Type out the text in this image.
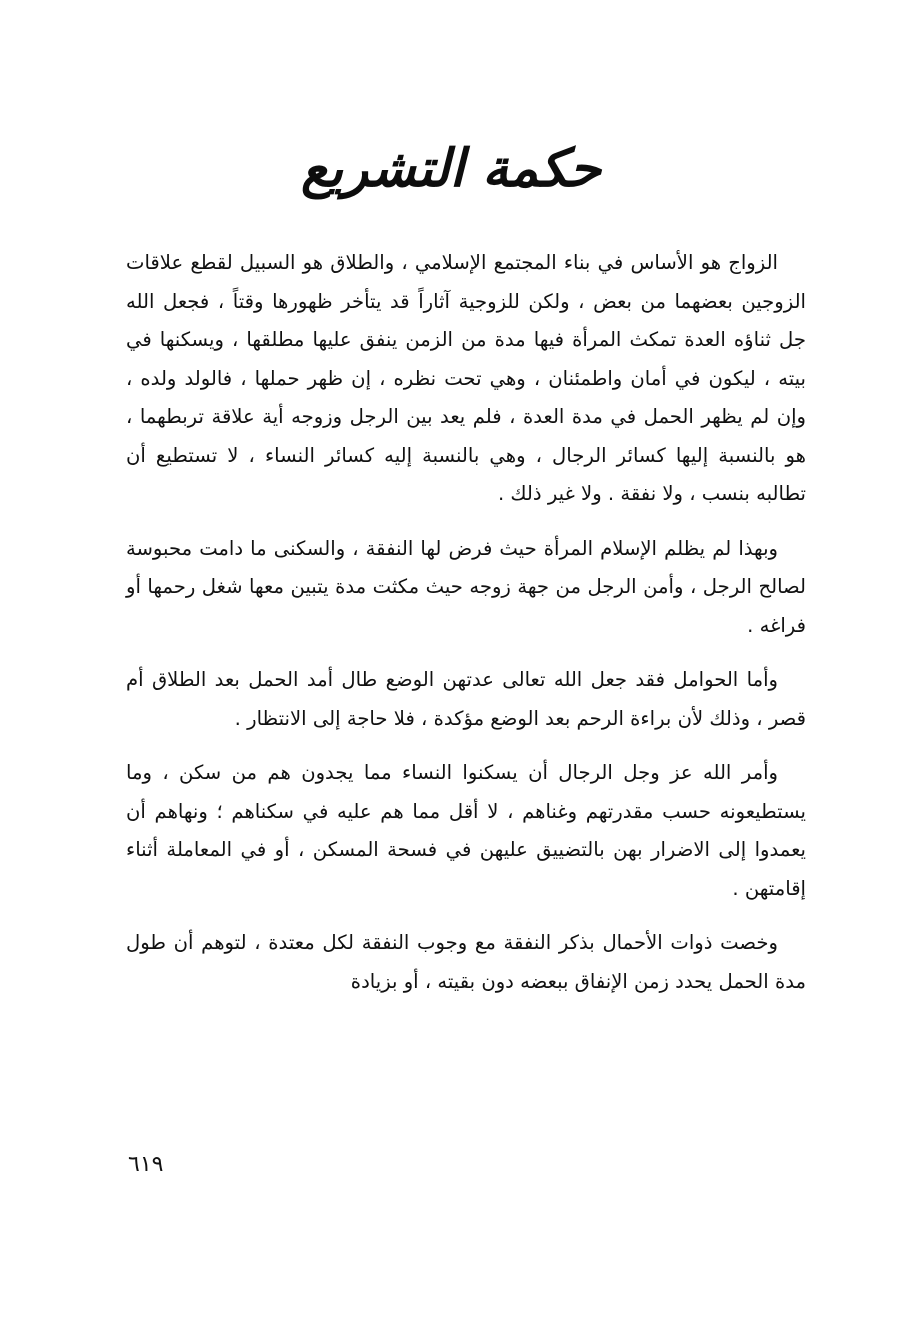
حكمة التشريع

الزواج هو الأساس في بناء المجتمع الإسلامي ، والطلاق هو السبيل لقطع علاقات الزوجين بعضهما من بعض ، ولكن للزوجية آثاراً قد يتأخر ظهورها وقتاً ، فجعل الله جل ثناؤه العدة تمكث المرأة فيها مدة من الزمن ينفق عليها مطلقها ، ويسكنها في بيته ، ليكون في أمان واطمئنان ، وهي تحت نظره ، إن ظهر حملها ، فالولد ولده ، وإن لم يظهر الحمل في مدة العدة ، فلم يعد بين الرجل وزوجه أية علاقة تربطهما ، هو بالنسبة إليها كسائر الرجال ، وهي بالنسبة إليه كسائر النساء ، لا تستطيع أن تطالبه بنسب ، ولا نفقة . ولا غير ذلك .

وبهذا لم يظلم الإسلام المرأة حيث فرض لها النفقة ، والسكنى ما دامت محبوسة لصالح الرجل ، وأمن الرجل من جهة زوجه حيث مكثت مدة يتبين معها شغل رحمها أو فراغه .

وأما الحوامل فقد جعل الله تعالى عدتهن الوضع طال أمد الحمل بعد الطلاق أم قصر ، وذلك لأن براءة الرحم بعد الوضع مؤكدة ، فلا حاجة إلى الانتظار .

وأمر الله عز وجل الرجال أن يسكنوا النساء مما يجدون هم من سكن ، وما يستطيعونه حسب مقدرتهم وغناهم ، لا أقل مما هم عليه في سكناهم ؛ ونهاهم أن يعمدوا إلى الاضرار بهن بالتضييق عليهن في فسحة المسكن ، أو في المعاملة أثناء إقامتهن .

وخصت ذوات الأحمال بذكر النفقة مع وجوب النفقة لكل معتدة ، لتوهم أن طول مدة الحمل يحدد زمن الإنفاق ببعضه دون بقيته ، أو بزيادة

٦١٩
